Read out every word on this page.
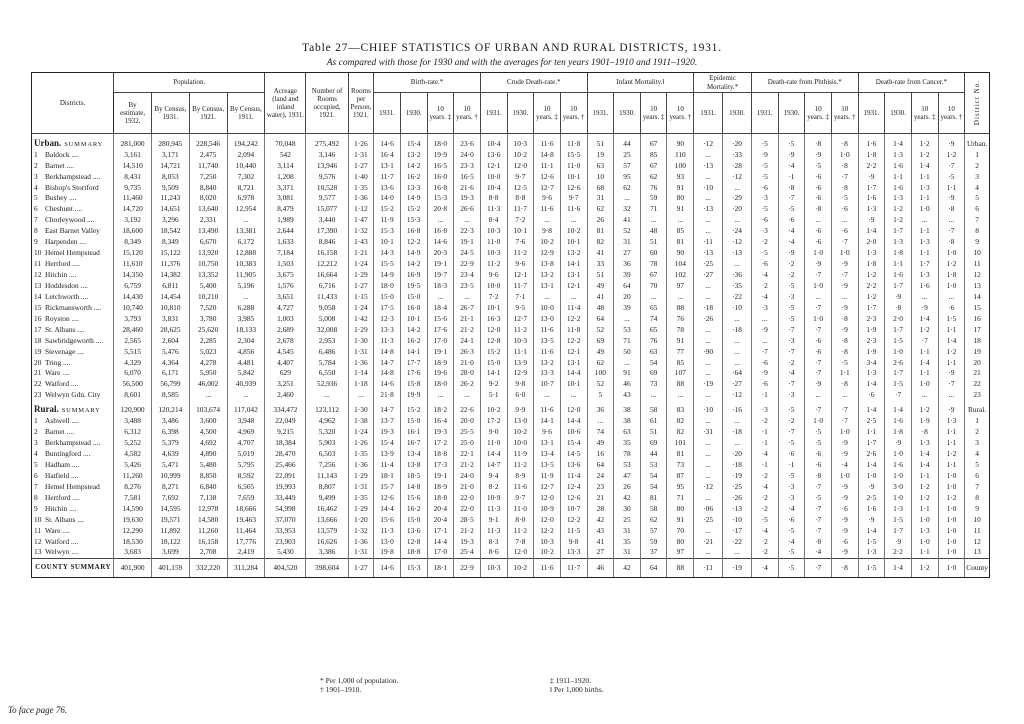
Table 27—CHIEF STATISTICS OF URBAN AND RURAL DISTRICTS, 1931.
As compared with those for 1930 and with the averages for ten years 1901–1910 and 1911–1920.
Districts.	Population.				Acreage (land and inland water), 1931.	Number of Rooms occupied, 1921.	Rooms per Person, 1921.	Birth-rate.*				Crude Death-rate.*				Infant Mortality.‖				Epidemic Mortality.*		Death-rate from Phthisis.*				Death-rate from Cancer.*				District No.

	By estimate, 1932.	By Census, 1931.	By Census, 1921.	By Census, 1911.				1931.	1930.	10 years. ‡	10 years. †	1931.	1930.	10 years. ‡	10 years. †	1931.	1930.	10 years. ‡	10 years. †	1931.	1930.	1931.	1930.	10 years. ‡	10 years. †	1931.	1930.	10 years. ‡	10 years. †	

Urban. SUMMARY	281,000	280,945	228,546	194,242	70,048	275,492	1·26	14·6	15·4	18·0	23·6	10·4	10·3	11·6	11·8	51	44	67	90	·12	·20	·5	·5	·8	·8	1·6	1·4	1·2	·9	Urban.
1 Baldock ....	3,161	3,171	2,475	2,094	542	3,146	1·31	16·4	13·2	19·9	24·0	13·6	10·2	14·8	15·5	19	25	85	110	...	·33	·9	·9	·9	1·0	1·8	1·3	1·2	1·2	1
2 Barnet ....	14,510	14,721	11,740	10,440	3,114	13,946	1·27	13·1	14·2	16·5	23·3	12·1	12·0	11·1	11·0	63	57	67	100	·13	·28	·5	·4	·5	·8	2·2	1·6	1·4	·7	2
3 Berkhampstead ....	8,431	8,053	7,250	7,302	1,208	9,576	1·40	11·7	16·2	16·0	16·5	10·0	9·7	12·6	10·1	10	95	62	93	...	·12	·5	·1	·6	·7	·9	1·1	1·1	·5	3
4 Bishop's Stortford	9,735	9,509	8,840	8,721	3,371	10,528	1·35	13·6	13·3	16·8	21·6	10·4	12·5	12·7	12·6	68	62	76	91	·10	...	·6	·8	·6	·8	1·7	1·6	1·3	1·1	4
5 Bushey ....	11,460	11,243	8,020	6,978	3,081	9,577	1·36	14·0	14·9	15·3	19·3	8·8	8·8	9·6	9·7	31	...	59	80	...	·29	·3	·7	·6	·5	1·6	1·3	1·1	·9	5
6 Cheshunt ....	14,720	14,651	13,640	12,954	8,479	15,077	1·12	15·2	15·2	20·8	26·6	11·3	11·7	11·6	11·6	62	32	71	91	·13	·20	·5	·5	·8	·6	1·3	1·2	1·0	·8	6
7 Chorleywood ....	3,192	3,296	2,331	...	1,989	3,440	1·47	11·9	15·3	...	...	8·4	7·2	...	...	26	41	...	...	...	...	·6	·6	...	...	·9	1·2	...	...	7
8 East Barnet Valley	18,600	18,542	13,490	13,381	2,644	17,390	1·32	15·3	16·8	16·8	22·3	10·3	10·1	9·8	10·2	81	52	48	85	...	·24	·3	·4	·6	·6	1·4	1·7	1·1	·7	8
9 Harpenden ....	8,349	8,349	6,670	6,172	1,633	8,846	1·43	10·1	12·2	14·6	19·1	11·0	7·6	10·2	10·1	82	31	51	81	·11	·12	·2	·4	·6	·7	2·0	1·3	1·3	·8	9
10 Hemel Hempstead	15,120	15,122	13,920	12,888	7,184	16,158	1·21	14·3	14·9	20·3	24·5	10·3	11·2	12·9	13·2	41	27	60	90	·13	·13	·5	·9	1·0	1·0	1·3	1·8	1·1	1·0	10
11 Hertford ....	11,610	11,376	10,750	10,383	1,503	12,212	1·24	15·5	14·2	19·1	22·9	11·2	9·6	13·8	14·1	33	36	78	104	·25	...	·6	·2	·9	·9	1·8	1·1	1·7	1·2	11
12 Hitchin ....	14,350	14,382	13,352	11,905	3,675	16,664	1·29	14·9	16·9	19·7	23·4	9·6	12·1	13·2	13·1	51	39	67	102	·27	·36	·4	·2	·7	·7	1·2	1·6	1·3	1·8	12
13 Hoddesdon ....	6,759	6,811	5,400	5,196	1,576	6,716	1·27	18·0	19·5	18·3	23·5	10·0	11·7	13·1	12·1	49	64	70	97	...	·35	·2	·5	1·0	·9	2·2	1·7	1·6	1·0	13
14 Letchworth ....	14,430	14,454	10,210	...	3,651	11,433	1·15	15·0	15·0	...	...	7·2	7·1	...	...	41	20	...	...	...	·22	·4	·3	...	...	1·2	·9	...	...	14
15 Rickmansworth ....	10,740	10,810	7,520	6,288	4,727	9,058	1·24	17·5	16·0	18·4	26·7	10·1	9·5	10·0	11·4	48	39	65	88	·18	·10	·3	·5	·7	·9	1·7	·8	·9	·6	15
16 Royston ....	3,793	3,831	3,780	3,985	1,003	5,008	1·42	12·3	10·1	15·6	21·1	16·3	12·7	13·0	12·2	64	...	74	76	·26	...	...	·5	1·0	·8	2·3	2·0	1·4	1·5	16
17 St. Albans ....	28,460	28,625	25,620	18,133	2,689	32,008	1·29	13·3	14·2	17·6	21·2	12·0	11·2	11·6	11·8	52	53	65	78	...	·18	·9	·7	·7	·9	1·9	1·7	1·2	1·1	17
18 Sawbridgeworth ....	2,565	2,604	2,285	2,304	2,678	2,953	1·30	11·3	16·2	17·0	24·1	12·8	10·3	13·5	12·2	69	71	76	91	...	...	...	·3	·6	·8	2·3	1·5	·7	1·4	18
19 Stevenage ....	5,515	5,476	5,023	4,856	4,545	6,486	1·31	14·8	14·1	19·1	26·3	15·2	11·1	11·6	12·1	49	50	63	77	·90	...	·7	·7	·6	·8	1·9	1·0	1·1	1·2	19
20 Tring ....	4,329	4,364	4,278	4,481	4,407	5,784	1·36	14·7	17·7	18·9	21·0	15·0	13·9	13·2	13·1	62	...	54	85	...	...	·6	·2	·7	·5	3·4	2·6	1·4	1·1	20
21 Ware ....	6,070	6,171	5,950	5,842	629	6,550	1·14	14·8	17·6	19·6	28·0	14·1	12·9	13·3	14·4	100	91	69	107	...	·64	·9	·4	·7	1·1	1·3	1·7	1·1	·9	21
22 Watford ....	56,500	56,799	46,002	40,939	3,251	52,936	1·18	14·6	15·8	18·0	26·2	9·2	9·8	10·7	10·1	52	46	73	88	·19	·27	·6	·7	·9	·8	1·4	1·5	1·0	·7	22
23 Welwyn Gdn. City	8,601	8,585	...	...	2,460	...	...	21·8	19·9	...	...	5·1	6·0	...	...	5	43	...	...	...	·12	·1	·3	...	...	·6	·7	...	...	23

Rural. SUMMARY	120,900	120,214	103,674	117,042	334,472	123,112	1·30	14·7	15·2	18·2	22·6	10·2	9·9	11·6	12·0	36	38	58	83	·10	·16	·3	·5	·7	·7	1·4	1·4	1·2	·9	Rural.
1 Ashwell ....	3,488	3,486	3,600	3,948	22,049	4,962	1·38	13·7	15·0	16·4	20·0	17·2	13·0	14·1	14·4	...	38	61	82	...	...	·2	·2	1·0	·7	2·5	1·6	1·9	1·3	1
2 Barnet ....	6,312	6,398	4,500	4,969	9,215	5,320	1·24	19·3	16·1	19·3	25·5	9·0	10·2	9·6	10·6	74	63	51	82	·31	·18	·1	·7	·5	1·0	1·1	1·8	·8	1·1	2
3 Berkhampstead ....	5,252	5,379	4,692	4,707	18,384	5,903	1·26	15·4	16·7	17·2	25·0	11·0	10·0	13·1	15·4	49	35	69	101	...	...	·1	·5	·5	·9	1·7	·9	1·3	1·1	3
4 Buntingford ....	4,582	4,639	4,890	5,019	28,470	6,503	1·35	13·9	13·4	18·8	22·1	14·4	11·9	13·4	14·5	16	78	44	81	...	·20	·4	·6	·6	·9	2·6	1·0	1·4	1·2	4
5 Hadham ....	5,426	5,471	5,480	5,795	25,466	7,256	1·36	11·4	13·8	17·3	21·2	14·7	11·2	13·5	13·6	64	53	53	73	...	·18	·1	·1	·6	·4	1·4	1·6	1·4	1·1	5
6 Hatfield ....	11,260	10,999	8,850	8,592	22,091	11,143	1·29	18·1	18·5	19·1	24·0	9·4	8·9	11·9	11·4	24	47	54	87	...	·19	·2	·5	·8	1·0	1·0	1·0	1·1	1·0	6
7 Hemel Hempstead	8,276	8,271	6,840	6,565	19,993	8,807	1·31	15·7	14·8	18·9	21·0	8·2	11·6	12·7	12·4	23	26	54	95	·12	·25	·4	·3	·7	·9	·9	3·0	1·2	1·0	7
8 Hertford ....	7,581	7,692	7,138	7,659	33,449	9,499	1·35	12·6	15·6	18·8	22·0	10·9	9·7	12·0	12·6	21	42	81	71	...	·26	·2	·3	·5	·9	2·5	1·0	1·2	1·2	8
9 Hitchin ....	14,590	14,595	12,978	18,666	54,998	16,462	1·29	14·4	16·2	20·4	22·0	11·3	11·0	10·9	10·7	28	30	58	80	·06	·13	·2	·4	·7	·6	1·6	1·3	1·1	1·0	9
10 St. Albans ....	19,630	19,571	14,580	19,463	37,070	13,666	1·20	15·6	15·0	20·4	28·5	9·1	8·0	12·0	12·2	42	25	62	91	·25	·10	·5	·6	·7	·9	·9	1·5	1·0	1·0	10
11 Ware ....	12,290	11,892	11,260	11,464	33,953	13,579	1·32	11·3	13·6	17·1	21·2	11·3	11·2	12·2	11·5	43	31	57	70	...	·17	·4	·5	·7	·9	1·4	1·7	1·3	1·0	11
12 Watford ....	18,530	18,122	16,158	17,776	23,903	16,626	1·36	13·0	12·8	14·4	19·3	8·3	7·8	10·3	9·8	41	35	59	80	·21	·22	·2	·4	·8	·6	1·5	·9	1·0	1·0	12
13 Welwyn ....	3,683	3,699	2,708	2,419	5,430	3,386	1·31	19·8	18·8	17·0	25·4	8·6	12·0	10·2	13·3	27	31	37	97	...	...	·2	·5	·4	·9	1·3	2·2	1·1	1·0	13
COUNTY SUMMARY	401,900	401,159	332,220	311,284	404,520	398,604	1·27	14·6	15·3	18·1	22·9	10·3	10·2	11·6	11·7	46	42	64	88	·11	·19	·4	·5	·7	·8	1·5	1·4	1·2	1·0	County
* Per 1,000 of population.
† 1901–1910.
‡ 1911–1920.
‖ Per 1,000 births.
To face page 76.
